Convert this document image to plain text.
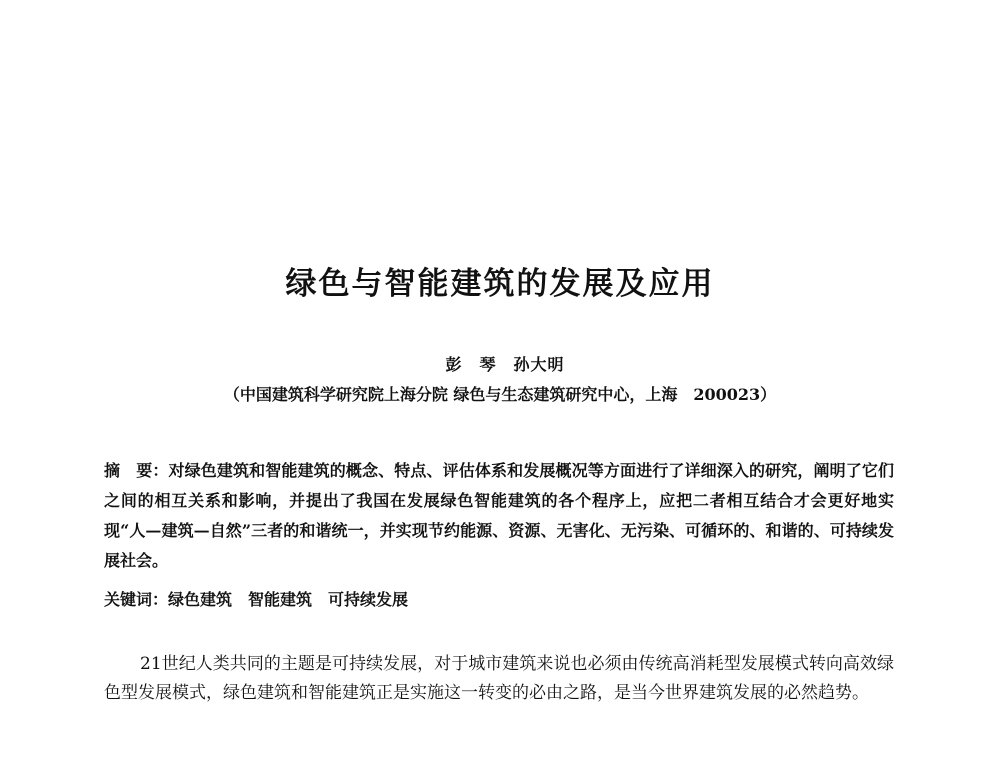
绿色与智能建筑的发展及应用
彭　琴　孙大明
（中国建筑科学研究院上海分院 绿色与生态建筑研究中心，上海　200023）
摘　要：对绿色建筑和智能建筑的概念、特点、评估体系和发展概况等方面进行了详细深入的研究，阐明了它们之间的相互关系和影响，并提出了我国在发展绿色智能建筑的各个程序上，应把二者相互结合才会更好地实现“人—建筑—自然”三者的和谐统一，并实现节约能源、资源、无害化、无污染、可循环的、和谐的、可持续发展社会。
关键词：绿色建筑　智能建筑　可持续发展
21世纪人类共同的主题是可持续发展，对于城市建筑来说也必须由传统高消耗型发展模式转向高效绿色型发展模式，绿色建筑和智能建筑正是实施这一转变的必由之路，是当今世界建筑发展的必然趋势。
